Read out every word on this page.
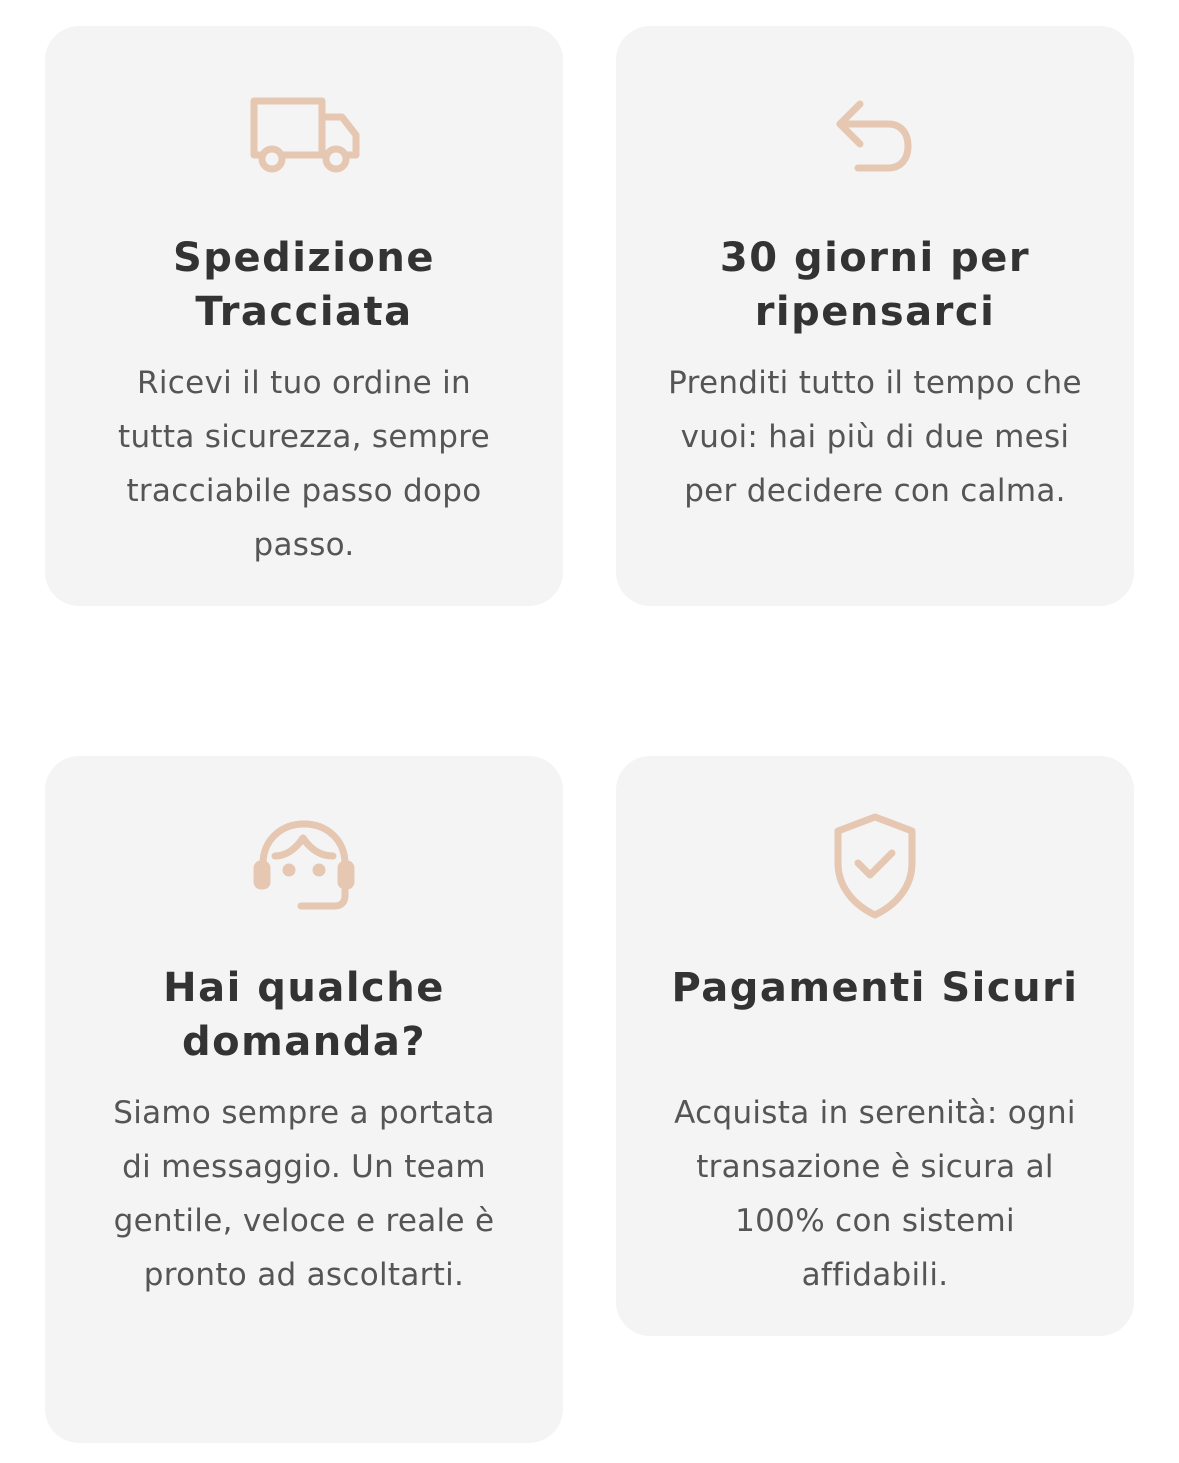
Spedizione Tracciata

Ricevi il tuo ordine in tutta sicurezza, sempre tracciabile passo dopo passo.

30 giorni per ripensarci

Prenditi tutto il tempo che vuoi: hai più di due mesi per decidere con calma.

Hai qualche domanda?

Siamo sempre a portata di messaggio. Un team gentile, veloce e reale è pronto ad ascoltarti.

Pagamenti Sicuri

Acquista in serenità: ogni transazione è sicura al 100% con sistemi affidabili.
